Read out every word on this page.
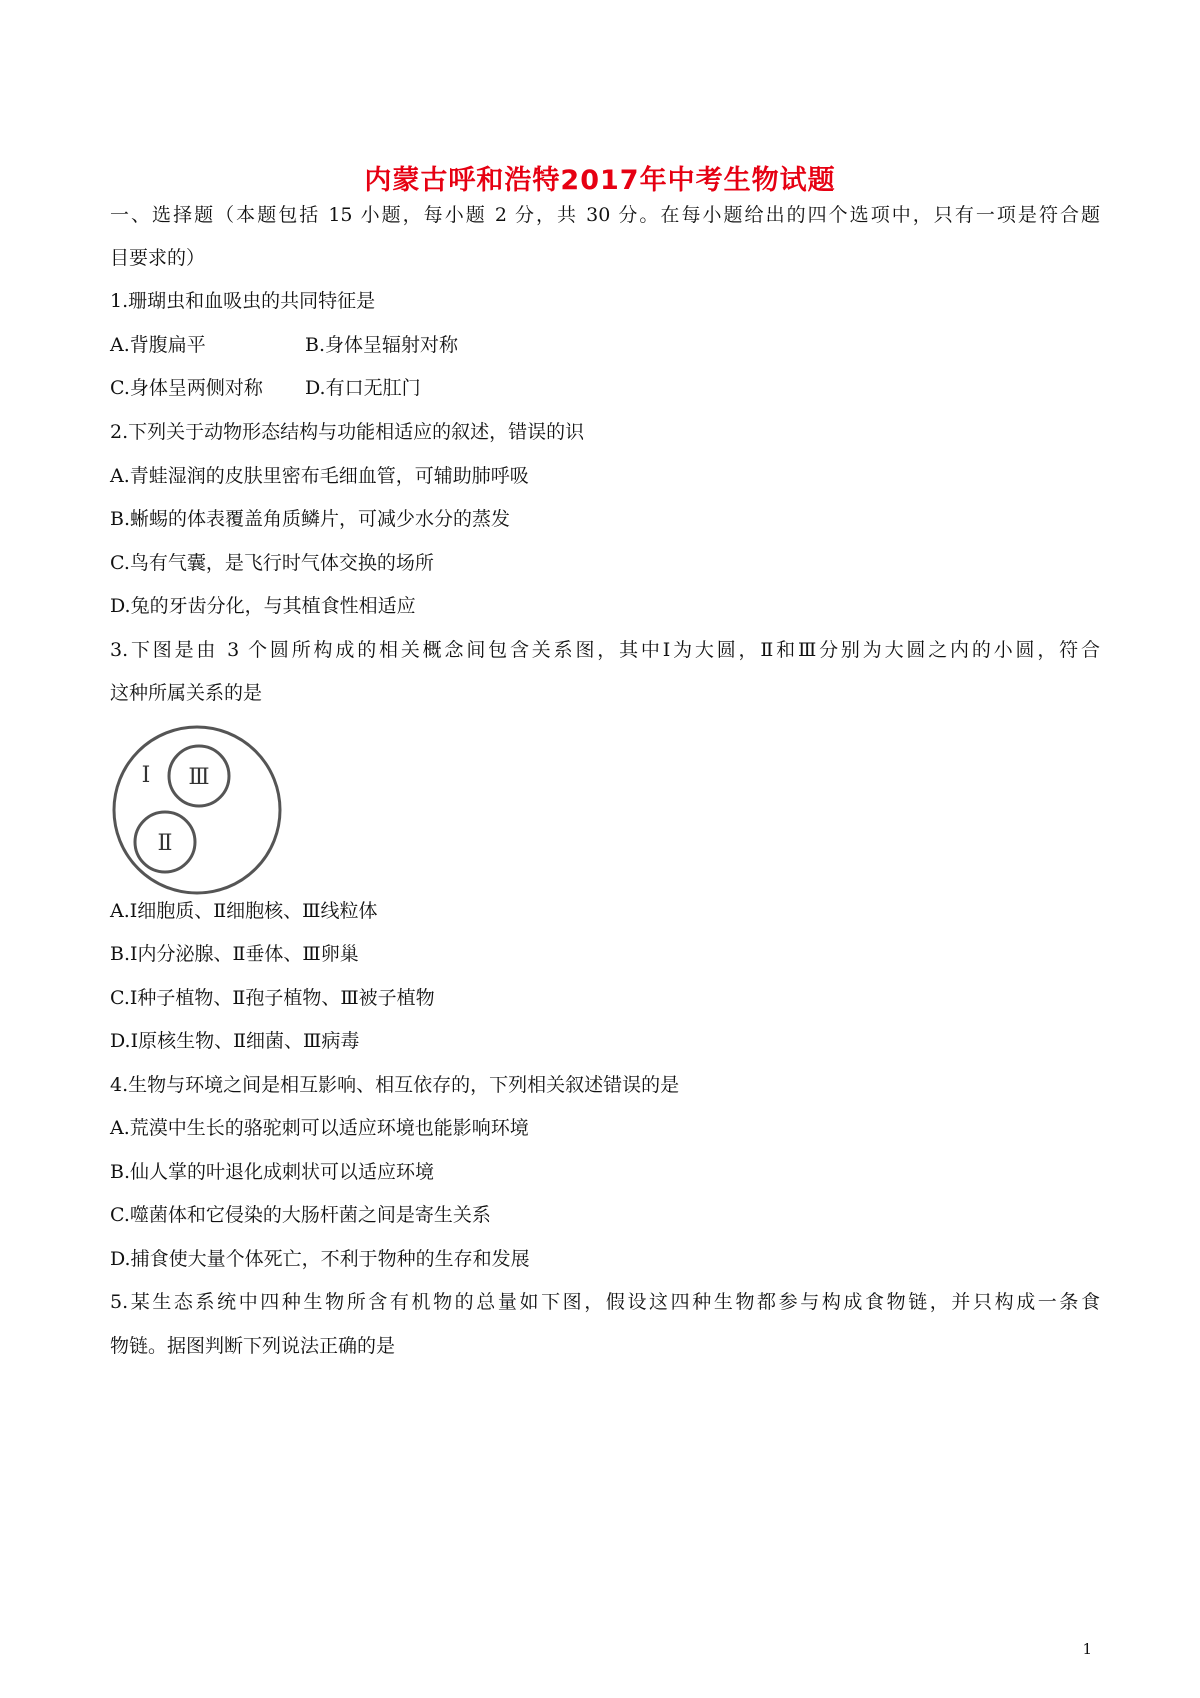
内蒙古呼和浩特2017年中考生物试题
一、选择题（本题包括 15 小题，每小题 2 分，共 30 分。在每小题给出的四个选项中，只有一项是符合题
目要求的）
1.珊瑚虫和血吸虫的共同特征是
A.背腹扁平	B.身体呈辐射对称
C.身体呈两侧对称 D.有口无肛门
2.下列关于动物形态结构与功能相适应的叙述，错误的识
A.青蛙湿润的皮肤里密布毛细血管，可辅助肺呼吸
B.蜥蜴的体表覆盖角质鳞片，可减少水分的蒸发
C.鸟有气囊，是飞行时气体交换的场所
D.兔的牙齿分化，与其植食性相适应
3.下图是由 3 个圆所构成的相关概念间包含关系图，其中Ⅰ为大圆，Ⅱ和Ⅲ分别为大圆之内的小圆，符合
这种所属关系的是
Ⅰ Ⅲ
Ⅱ
A.Ⅰ细胞质、Ⅱ细胞核、Ⅲ线粒体
B.Ⅰ内分泌腺、Ⅱ垂体、Ⅲ卵巢
C.Ⅰ种子植物、Ⅱ孢子植物、Ⅲ被子植物
D.Ⅰ原核生物、Ⅱ细菌、Ⅲ病毒
4.生物与环境之间是相互影响、相互依存的，下列相关叙述错误的是
A.荒漠中生长的骆驼刺可以适应环境也能影响环境
B.仙人掌的叶退化成刺状可以适应环境
C.噬菌体和它侵染的大肠杆菌之间是寄生关系
D.捕食使大量个体死亡，不利于物种的生存和发展
5.某生态系统中四种生物所含有机物的总量如下图，假设这四种生物都参与构成食物链，并只构成一条食
物链。据图判断下列说法正确的是
1
